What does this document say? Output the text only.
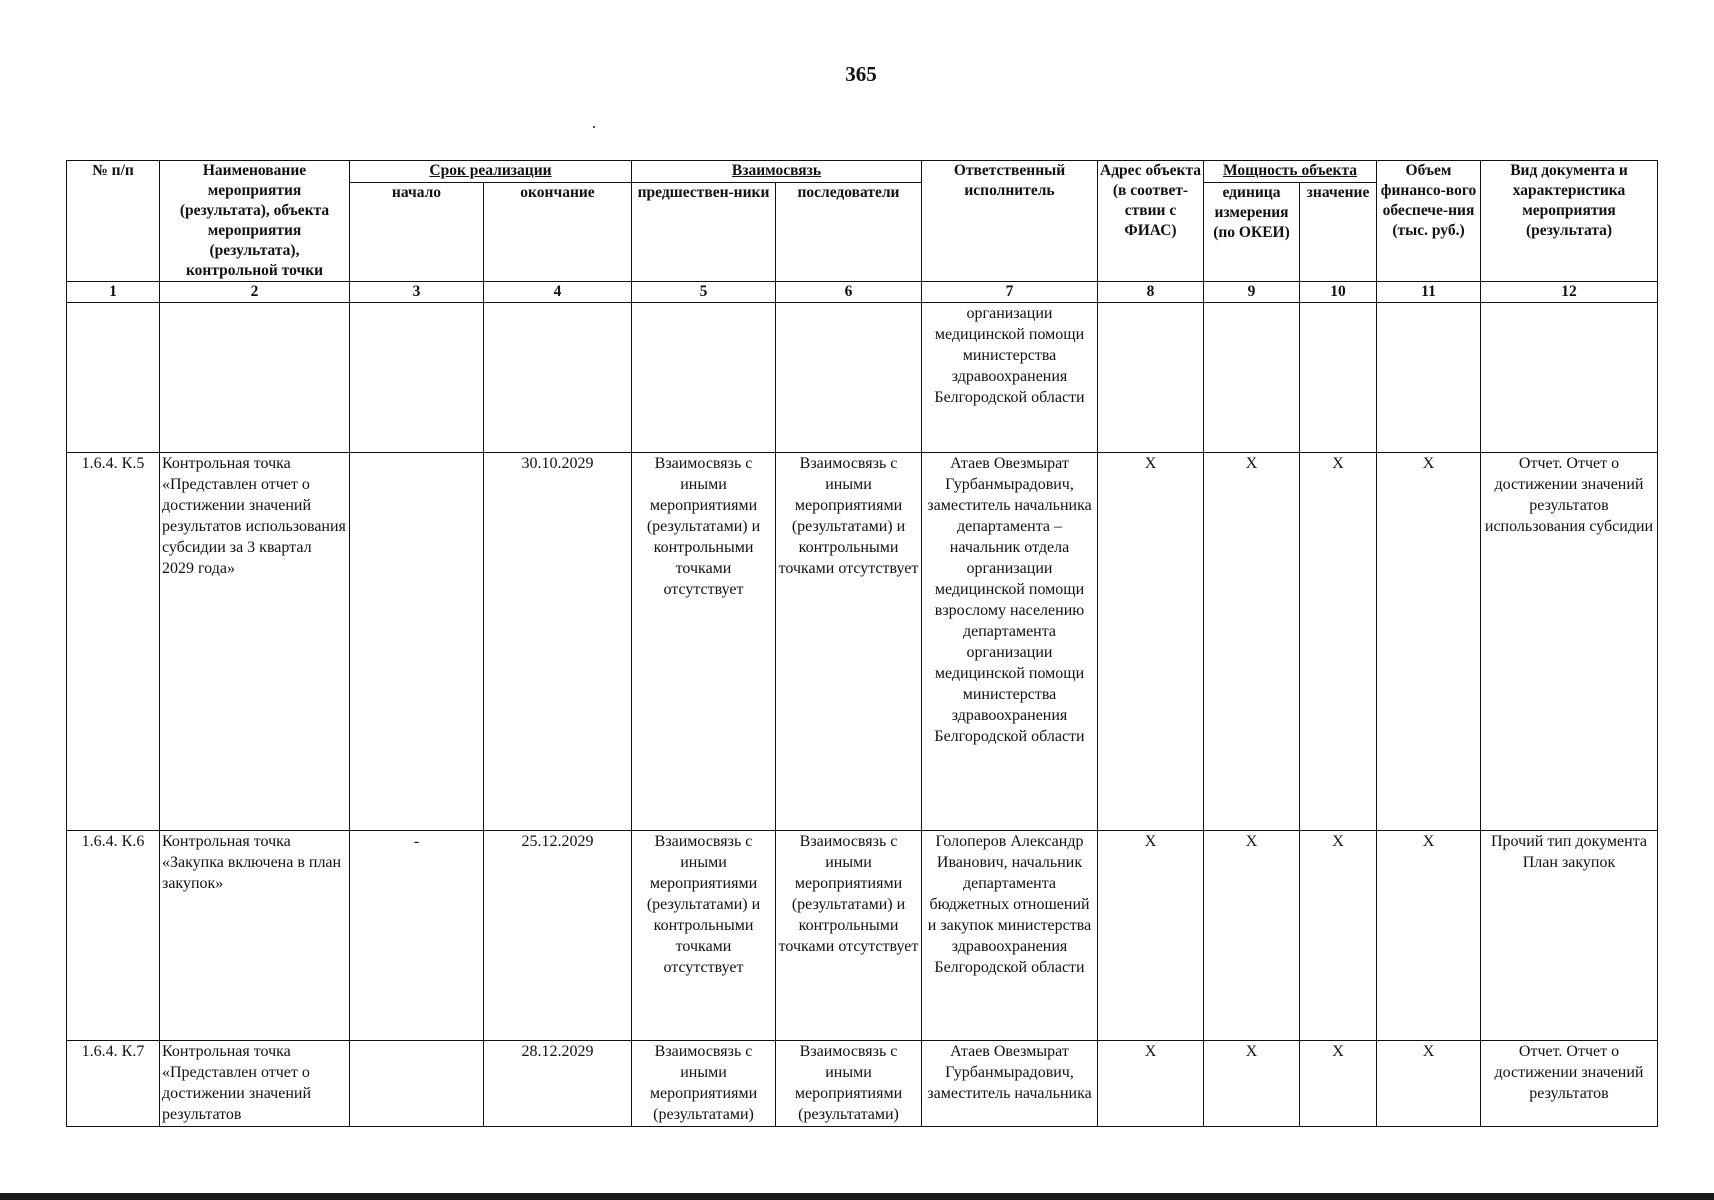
365
№ п/п	Наименование мероприятия (результата), объекта мероприятия (результата), контрольной точки	Срок реализации		Взаимосвязь		Ответственный исполнитель	Адрес объекта (в соответ-ствии с ФИАС)	Мощность объекта		Объем финансо-вого обеспече-ния (тыс. руб.)	Вид документа и характеристика мероприятия (результата)
		начало	окончание	предшествен-ники	последователи			единица измерения (по ОКЕИ)	значение		
1	2	3	4	5	6	7	8	9	10	11	12
						организации медицинской помощи министерства здравоохранения Белгородской области					
1.6.4. К.5	Контрольная точка «Представлен отчет о достижении значений результатов использования субсидии за 3 квартал 2029 года»		30.10.2029	Взаимосвязь с иными мероприятиями (результатами) и контрольными точками отсутствует	Взаимосвязь с иными мероприятиями (результатами) и контрольными точками отсутствует	Атаев Овезмырат Гурбанмырадович, заместитель начальника департамента – начальник отдела организации медицинской помощи взрослому населению департамента организации медицинской помощи министерства здравоохранения Белгородской области	X	X	X	X	Отчет. Отчет о достижении значений результатов использования субсидии
1.6.4. К.6	Контрольная точка «Закупка включена в план закупок»	-	25.12.2029	Взаимосвязь с иными мероприятиями (результатами) и контрольными точками отсутствует	Взаимосвязь с иными мероприятиями (результатами) и контрольными точками отсутствует	Голоперов Александр Иванович, начальник департамента бюджетных отношений и закупок министерства здравоохранения Белгородской области	X	X	X	X	Прочий тип документа План закупок
1.6.4. К.7	Контрольная точка «Представлен отчет о достижении значений результатов		28.12.2029	Взаимосвязь с иными мероприятиями (результатами)	Взаимосвязь с иными мероприятиями (результатами)	Атаев Овезмырат Гурбанмырадович, заместитель начальника	X	X	X	X	Отчет. Отчет о достижении значений результатов
